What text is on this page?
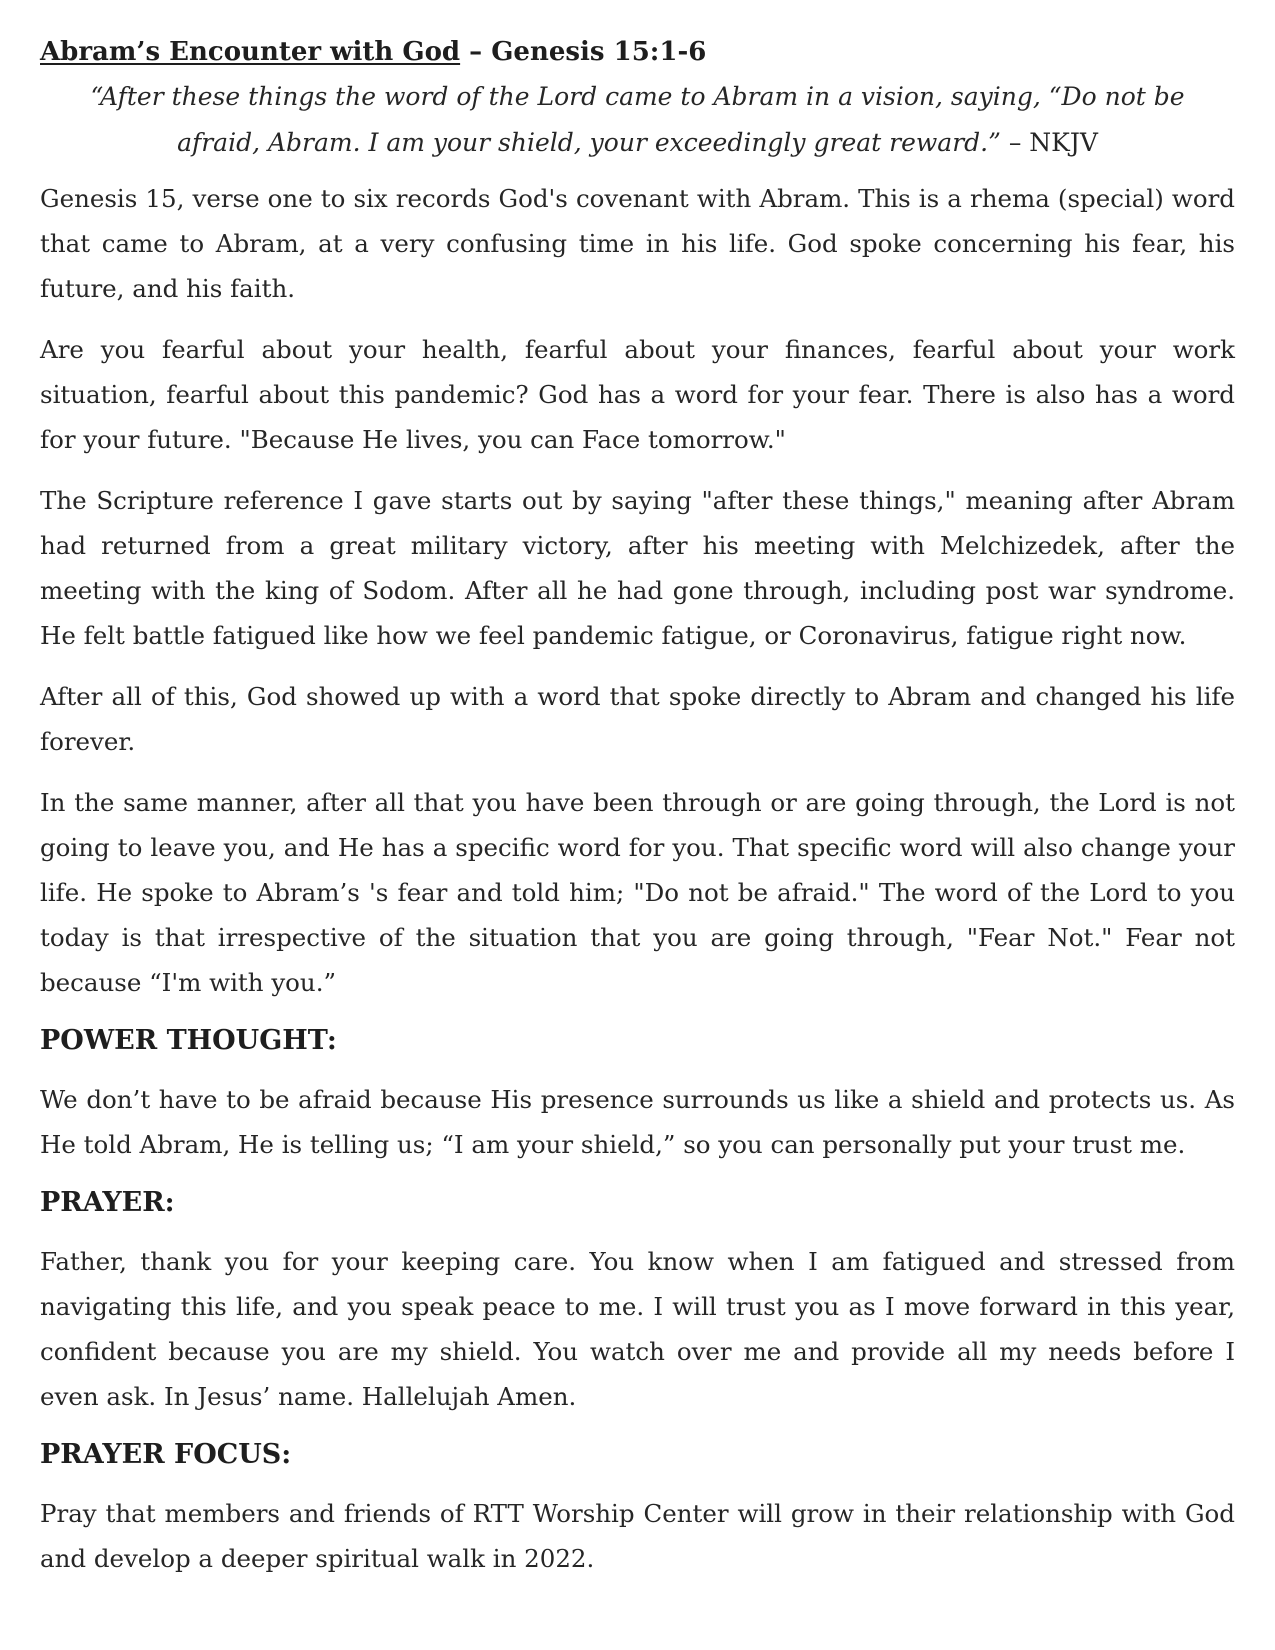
Abram’s Encounter with God – Genesis 15:1-6

“After these things the word of the Lord came to Abram in a vision, saying, “Do not be afraid, Abram. I am your shield, your exceedingly great reward.” – NKJV

Genesis 15, verse one to six records God's covenant with Abram. This is a rhema (special) word that came to Abram, at a very confusing time in his life. God spoke concerning his fear, his future, and his faith.

Are you fearful about your health, fearful about your finances, fearful about your work situation, fearful about this pandemic? God has a word for your fear. There is also has a word for your future. "Because He lives, you can Face tomorrow."

The Scripture reference I gave starts out by saying "after these things," meaning after Abram had returned from a great military victory, after his meeting with Melchizedek, after the meeting with the king of Sodom. After all he had gone through, including post war syndrome. He felt battle fatigued like how we feel pandemic fatigue, or Coronavirus, fatigue right now.

After all of this, God showed up with a word that spoke directly to Abram and changed his life forever.

In the same manner, after all that you have been through or are going through, the Lord is not going to leave you, and He has a specific word for you. That specific word will also change your life. He spoke to Abram’s 's fear and told him; "Do not be afraid." The word of the Lord to you today is that irrespective of the situation that you are going through, "Fear Not." Fear not because “I'm with you.”

POWER THOUGHT:

We don’t have to be afraid because His presence surrounds us like a shield and protects us. As He told Abram, He is telling us; “I am your shield,” so you can personally put your trust me.

PRAYER:

Father, thank you for your keeping care. You know when I am fatigued and stressed from navigating this life, and you speak peace to me. I will trust you as I move forward in this year, confident because you are my shield. You watch over me and provide all my needs before I even ask. In Jesus’ name. Hallelujah Amen.

PRAYER FOCUS:

Pray that members and friends of RTT Worship Center will grow in their relationship with God and develop a deeper spiritual walk in 2022.
